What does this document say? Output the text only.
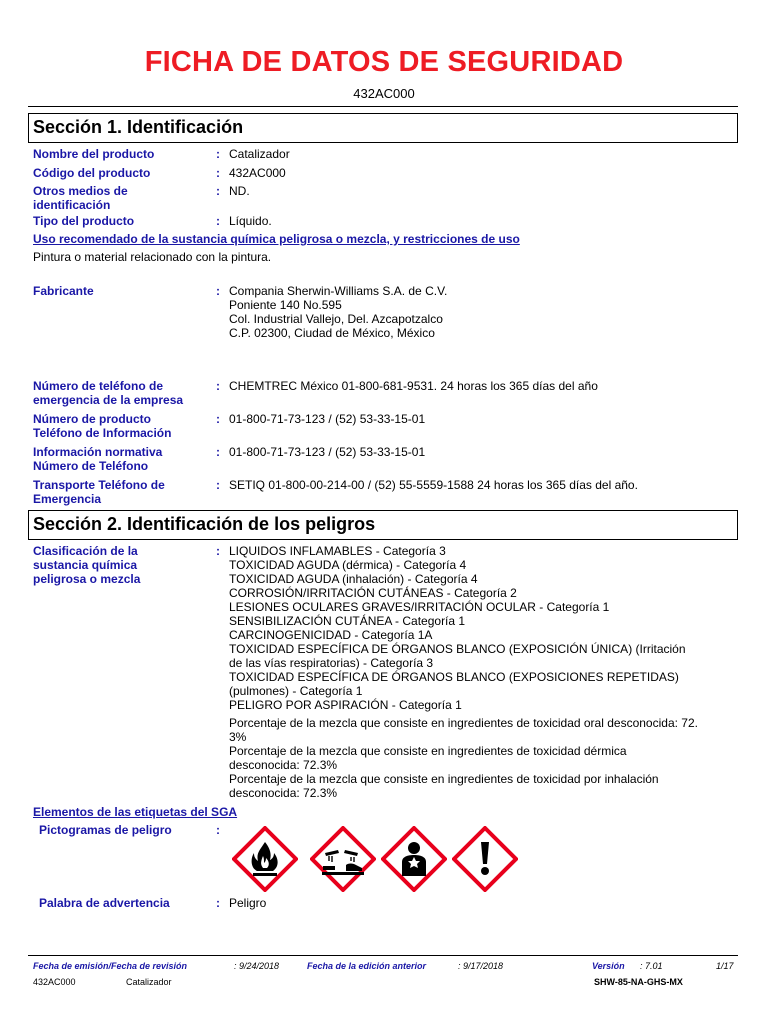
FICHA DE DATOS DE SEGURIDAD
432AC000
Sección 1. Identificación
Nombre del producto	: Catalizador
Código del producto	: 432AC000
Otros medios de
identificación
: ND.
Tipo del producto	: Líquido.
Uso recomendado de la sustancia química peligrosa o mezcla, y restricciones de uso
Pintura o material relacionado con la pintura.
Fabricante	: Compania Sherwin-Williams S.A. de C.V.
Poniente 140 No.595
Col. Industrial Vallejo, Del. Azcapotzalco
C.P. 02300, Ciudad de México, México
Número de teléfono de
emergencia de la empresa
: CHEMTREC México 01-800-681-9531. 24 horas los 365 días del año
Número de producto
Teléfono de Información
: 01-800-71-73-123 / (52) 53-33-15-01
Información normativa
Número de Teléfono
: 01-800-71-73-123 / (52) 53-33-15-01
Transporte Teléfono de
Emergencia
: SETIQ 01-800-00-214-00 / (52) 55-5559-1588 24 horas los 365 días del año.
Sección 2. Identificación de los peligros
Clasificación de la
sustancia química
peligrosa o mezcla
: LIQUIDOS INFLAMABLES - Categoría 3
TOXICIDAD AGUDA (dérmica) - Categoría 4
TOXICIDAD AGUDA (inhalación) - Categoría 4
CORROSIÓN/IRRITACIÓN CUTÁNEAS - Categoría 2
LESIONES OCULARES GRAVES/IRRITACIÓN OCULAR - Categoría 1
SENSIBILIZACIÓN CUTÁNEA - Categoría 1
CARCINOGENICIDAD - Categoría 1A
TOXICIDAD ESPECÍFICA DE ÓRGANOS BLANCO (EXPOSICIÓN ÚNICA) (Irritación
de las vías respiratorias) - Categoría 3
TOXICIDAD ESPECÍFICA DE ÓRGANOS BLANCO (EXPOSICIONES REPETIDAS)
(pulmones) - Categoría 1
PELIGRO POR ASPIRACIÓN - Categoría 1
Porcentaje de la mezcla que consiste en ingredientes de toxicidad oral desconocida: 72.
3%
Porcentaje de la mezcla que consiste en ingredientes de toxicidad dérmica
desconocida: 72.3%
Porcentaje de la mezcla que consiste en ingredientes de toxicidad por inhalación
desconocida: 72.3%
Elementos de las etiquetas del SGA
Pictogramas de peligro	:
Palabra de advertencia	: Peligro
Fecha de emisión/Fecha de revisión	: 9/24/2018	Fecha de la edición anterior	: 9/17/2018	Versión : 7.01	1/17
432AC000	Catalizador	SHW-85-NA-GHS-MX
